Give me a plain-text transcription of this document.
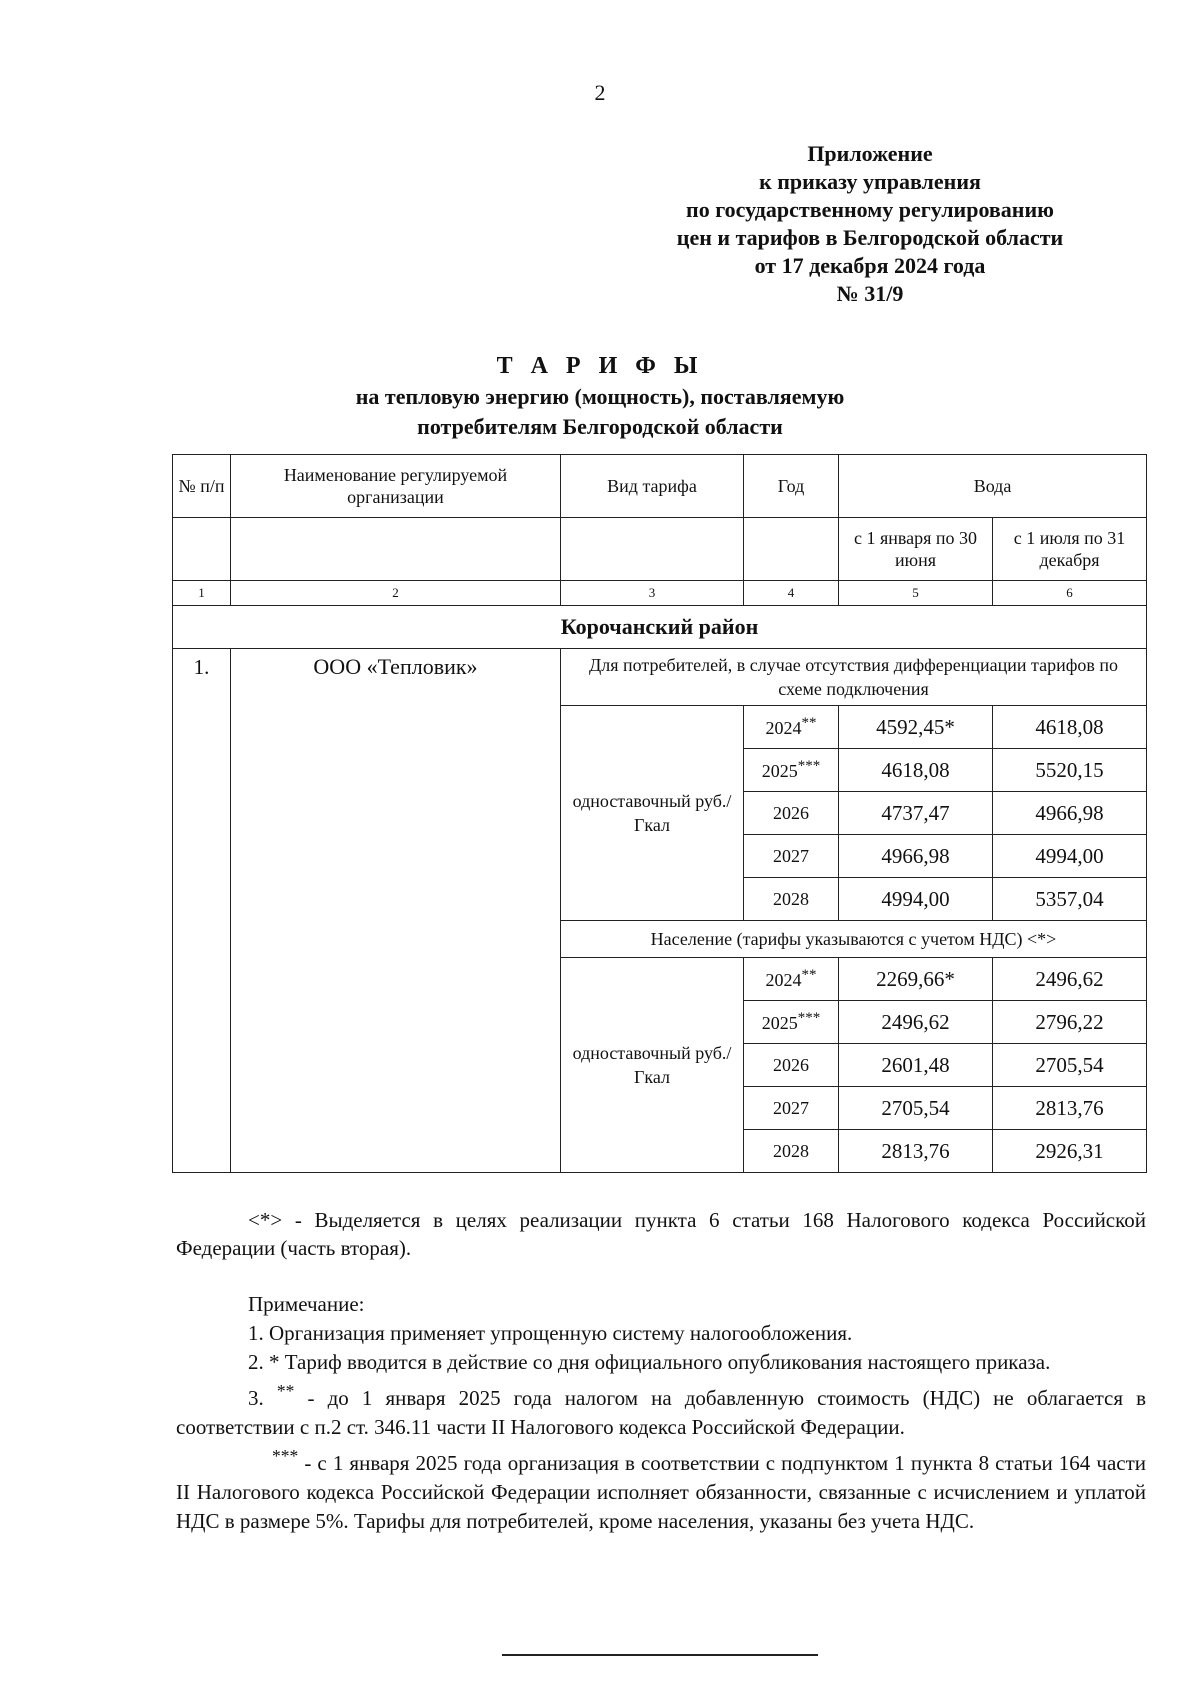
2
Приложение
к приказу управления
по государственному регулированию
цен и тарифов в Белгородской области
от 17 декабря 2024 года
№ 31/9
Т А Р И Ф Ы
на тепловую энергию (мощность), поставляемую
потребителям Белгородской области
№ п/п	Наименование регулируемой организации	Вид тарифа	Год	Вода	
				с 1 января по 30 июня	с 1 июля по 31 декабря
1	2	3	4	5	6
Корочанский район					
1.	ООО «Тепловик»	Для потребителей, в случае отсутствия дифференциации тарифов по схеме подключения			
		одноставочный руб./Гкал	2024**	4592,45*	4618,08
			2025***	4618,08	5520,15
			2026	4737,47	4966,98
			2027	4966,98	4994,00
			2028	4994,00	5357,04
		Население (тарифы указываются с учетом НДС) <*>			
		одноставочный руб./Гкал	2024**	2269,66*	2496,62
			2025***	2496,62	2796,22
			2026	2601,48	2705,54
			2027	2705,54	2813,76
			2028	2813,76	2926,31
<*> - Выделяется в целях реализации пункта 6 статьи 168 Налогового кодекса Российской Федерации (часть вторая).

Примечание:

1. Организация применяет упрощенную систему налогообложения.

2. * Тариф вводится в действие со дня официального опубликования настоящего приказа.

3. ** - до 1 января 2025 года налогом на добавленную стоимость (НДС) не облагается в соответствии с п.2 ст. 346.11 части II Налогового кодекса Российской Федерации.

*** - с 1 января 2025 года организация в соответствии с подпунктом 1 пункта 8 статьи 164 части II Налогового кодекса Российской Федерации исполняет обязанности, связанные с исчислением и уплатой НДС в размере 5%. Тарифы для потребителей, кроме населения, указаны без учета НДС.
